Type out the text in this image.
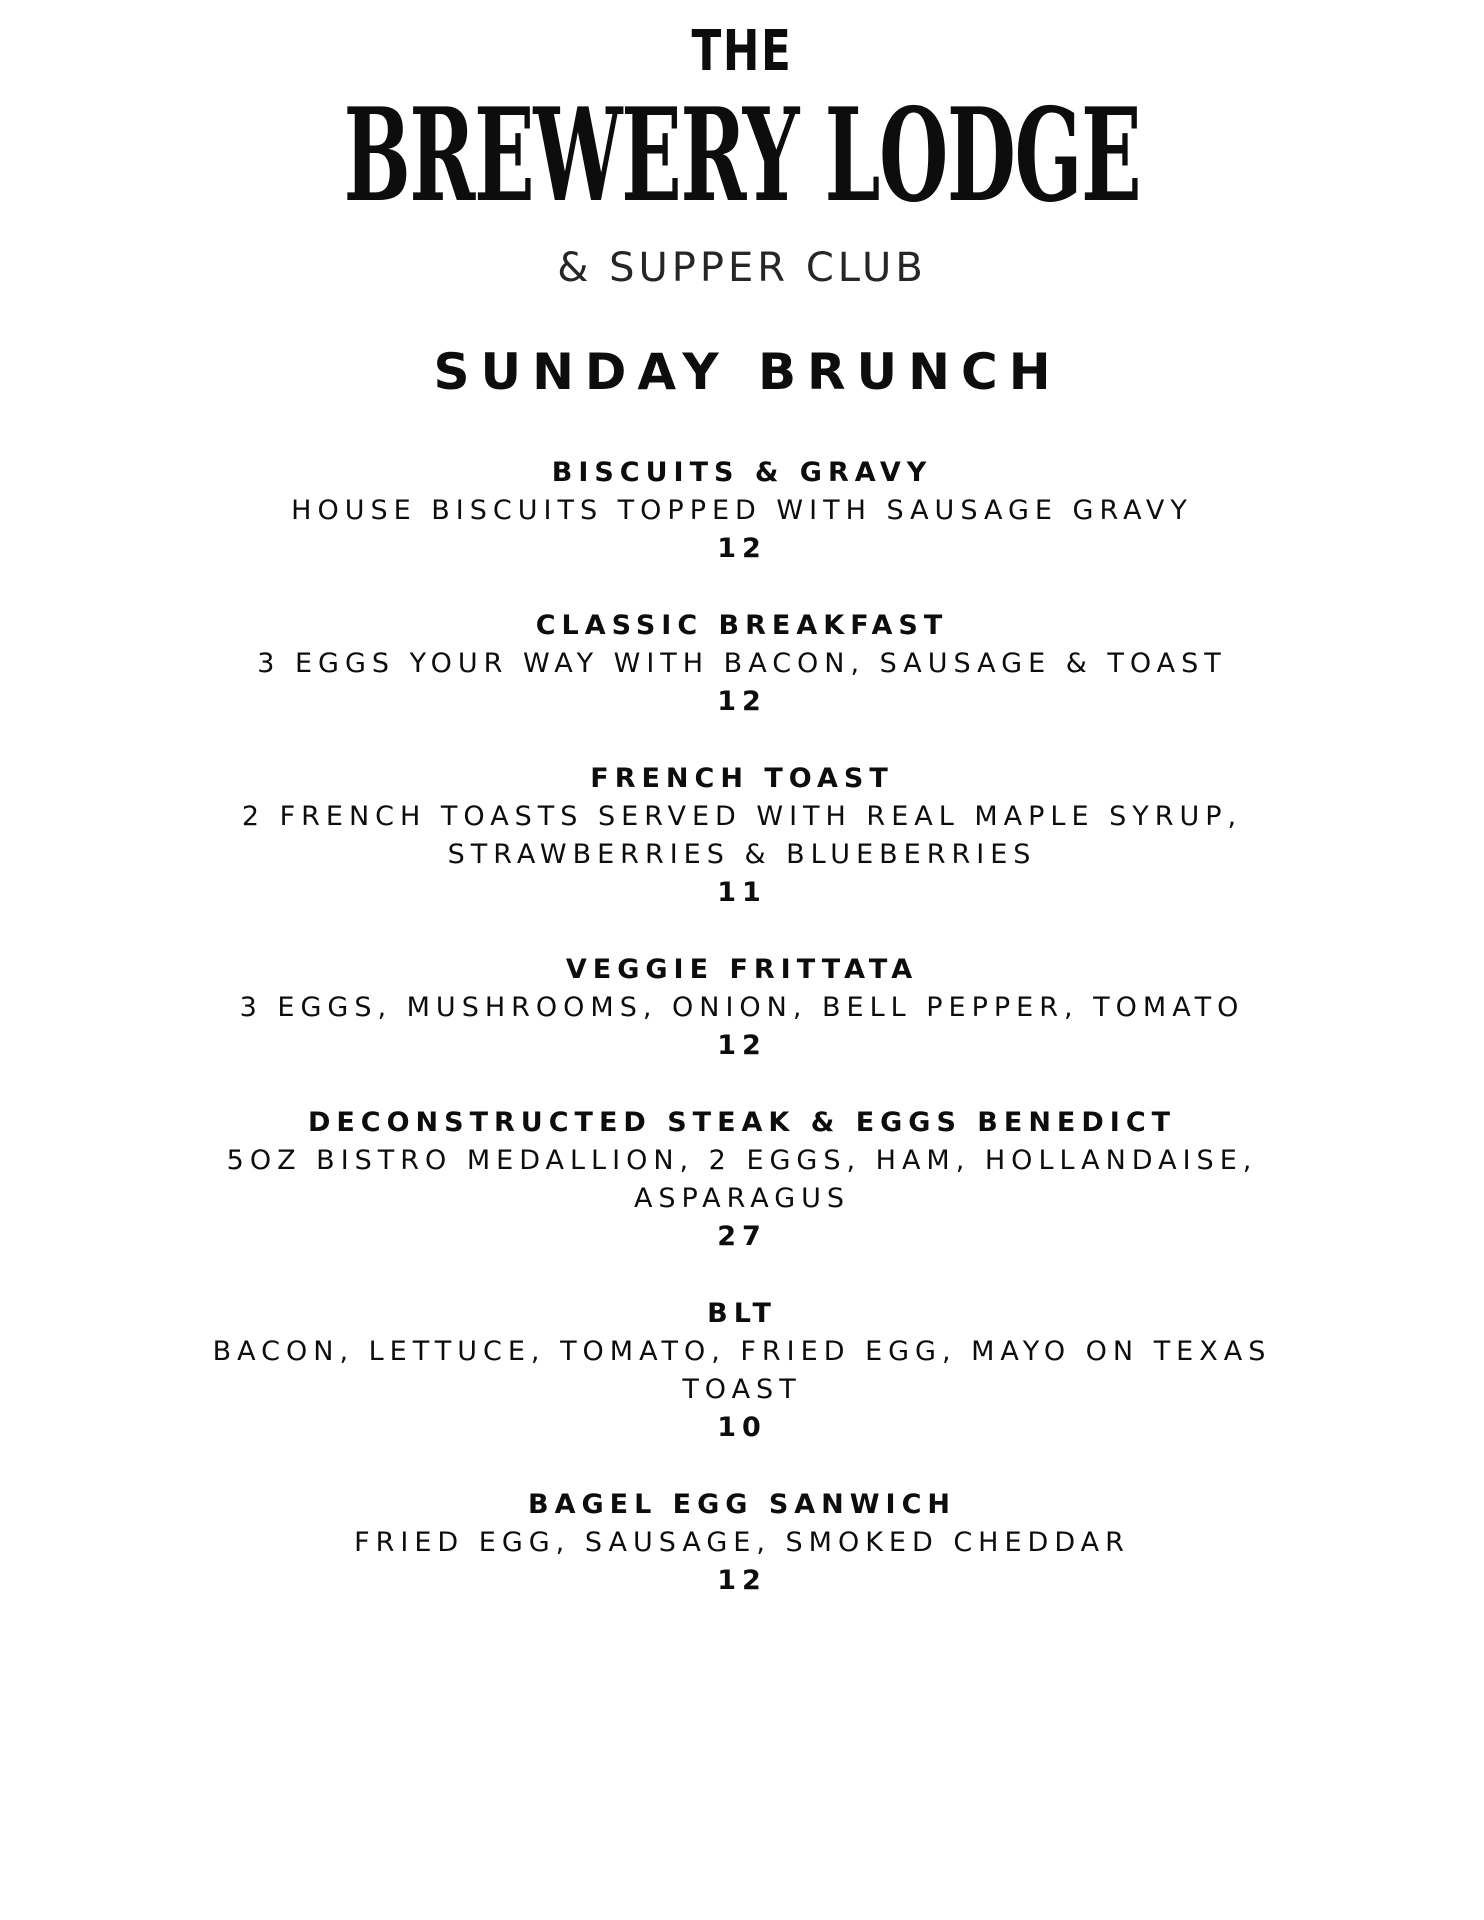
THE
BREWERY LODGE
& SUPPER CLUB
SUNDAY BRUNCH
BISCUITS & GRAVY
HOUSE BISCUITS TOPPED WITH SAUSAGE GRAVY
12
CLASSIC BREAKFAST
3 EGGS YOUR WAY WITH BACON, SAUSAGE & TOAST
12
FRENCH TOAST
2 FRENCH TOASTS SERVED WITH REAL MAPLE SYRUP, STRAWBERRIES & BLUEBERRIES
11
VEGGIE FRITTATA
3 EGGS, MUSHROOMS, ONION, BELL PEPPER, TOMATO
12
DECONSTRUCTED STEAK & EGGS BENEDICT
5OZ BISTRO MEDALLION, 2 EGGS, HAM, HOLLANDAISE, ASPARAGUS
27
BLT
BACON, LETTUCE, TOMATO, FRIED EGG, MAYO ON TEXAS TOAST
10
BAGEL EGG SANWICH
FRIED EGG, SAUSAGE, SMOKED CHEDDAR
12
